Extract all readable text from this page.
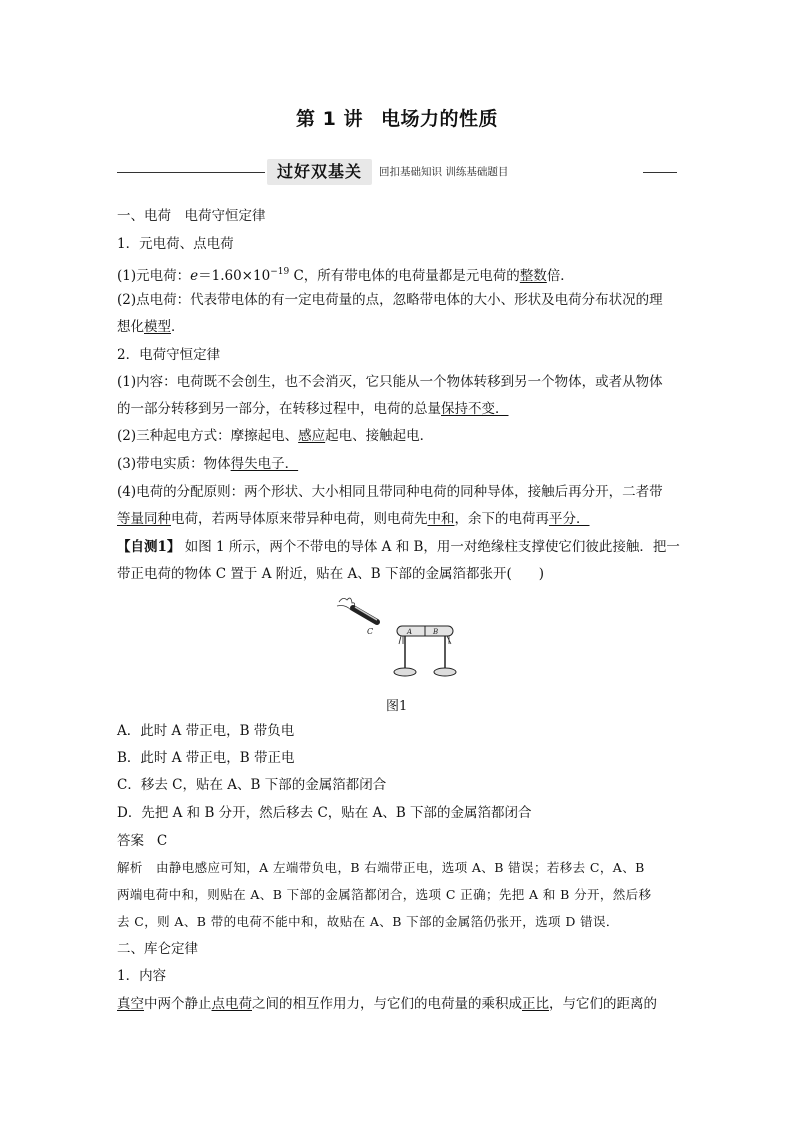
第 1 讲 电场力的性质
过好双基关	回扣基础知识 训练基础题目
一、电荷　电荷守恒定律
1．元电荷、点电荷
(1)元电荷：$e=1.60\times 10^{-19}$ C，所有带电体的电荷量都是元电荷的整数倍．
(2)点电荷：代表带电体的有一定电荷量的点，忽略带电体的大小、形状及电荷分布状况的理
想化模型．
2．电荷守恒定律
(1)内容：电荷既不会创生，也不会消灭，它只能从一个物体转移到另一个物体，或者从物体
的一部分转移到另一部分，在转移过程中，电荷的总量保持不变．
(2)三种起电方式：摩擦起电、感应起电、接触起电．
(3)带电实质：物体得失电子．
(4)电荷的分配原则：两个形状、大小相同且带同种电荷的同种导体，接触后再分开，二者带
等量同种电荷，若两导体原来带异种电荷，则电荷先中和，余下的电荷再平分．
【自测1】 如图 1 所示，两个不带电的导体 A 和 B，用一对绝缘柱支撑使它们彼此接触．把一
带正电荷的物体 C 置于 A 附近，贴在 A、B 下部的金属箔都张开(　　)
C	A	B
图1
A．此时 A 带正电，B 带负电
B．此时 A 带正电，B 带正电
C．移去 C，贴在 A、B 下部的金属箔都闭合
D．先把 A 和 B 分开，然后移去 C，贴在 A、B 下部的金属箔都闭合
答案 C
解析 由静电感应可知，A 左端带负电，B 右端带正电，选项 A、B 错误；若移去 C，A、B
两端电荷中和，则贴在 A、B 下部的金属箔都闭合，选项 C 正确；先把 A 和 B 分开，然后移
去 C，则 A、B 带的电荷不能中和，故贴在 A、B 下部的金属箔仍张开，选项 D 错误．
二、库仑定律
1．内容
真空中两个静止点电荷之间的相互作用力，与它们的电荷量的乘积成正比，与它们的距离的
